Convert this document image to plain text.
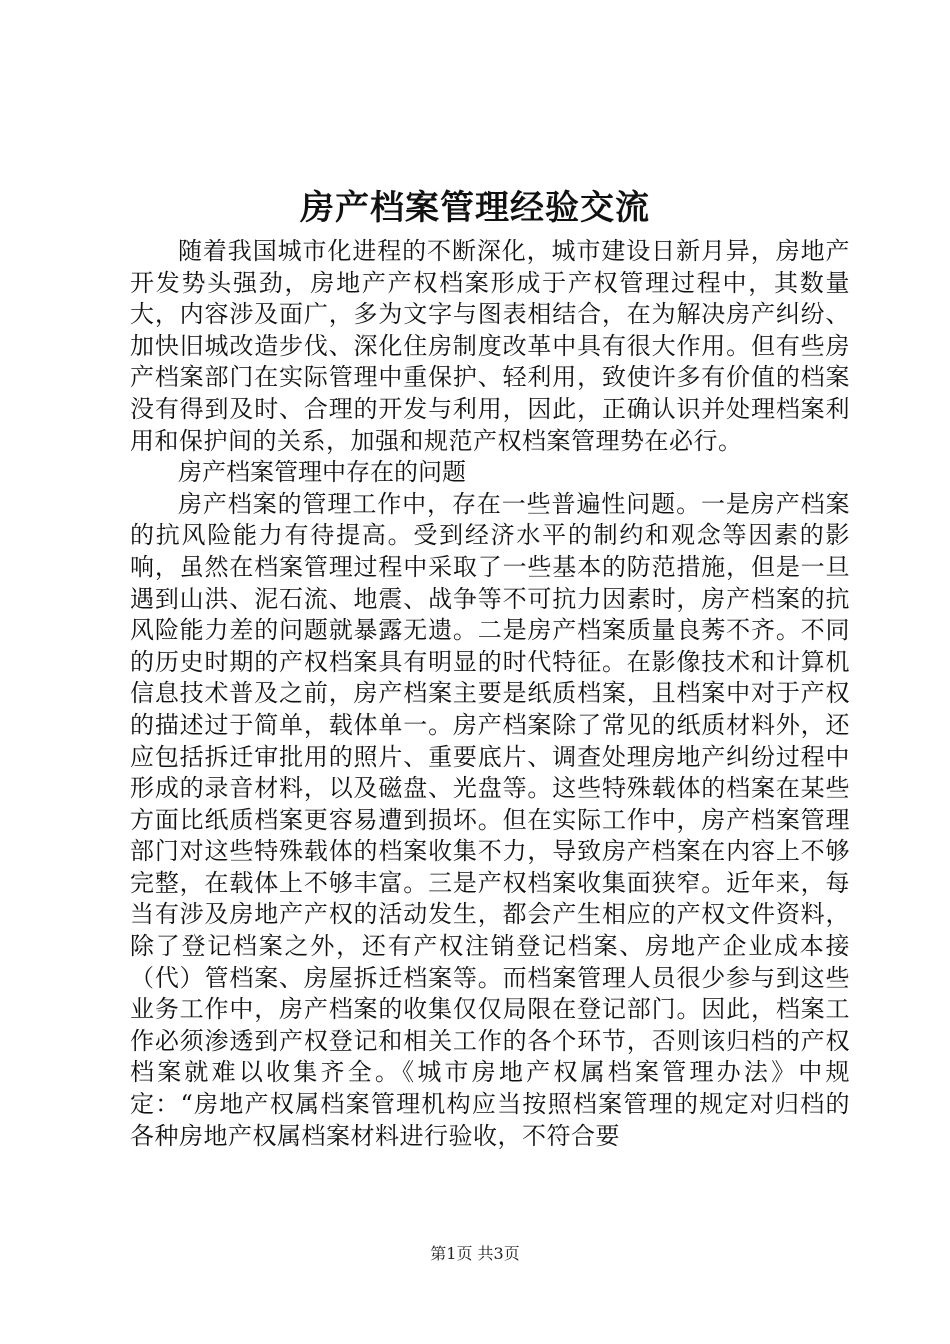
房产档案管理经验交流

随着我国城市化进程的不断深化，城市建设日新月异，房地产开发势头强劲，房地产产权档案形成于产权管理过程中，其数量大，内容涉及面广，多为文字与图表相结合，在为解决房产纠纷、加快旧城改造步伐、深化住房制度改革中具有很大作用。但有些房产档案部门在实际管理中重保护、轻利用，致使许多有价值的档案没有得到及时、合理的开发与利用，因此，正确认识并处理档案利用和保护间的关系，加强和规范产权档案管理势在必行。

房产档案管理中存在的问题

房产档案的管理工作中，存在一些普遍性问题。一是房产档案的抗风险能力有待提高。受到经济水平的制约和观念等因素的影响，虽然在档案管理过程中采取了一些基本的防范措施，但是一旦遇到山洪、泥石流、地震、战争等不可抗力因素时，房产档案的抗风险能力差的问题就暴露无遗。二是房产档案质量良莠不齐。不同的历史时期的产权档案具有明显的时代特征。在影像技术和计算机信息技术普及之前，房产档案主要是纸质档案，且档案中对于产权的描述过于简单，载体单一。房产档案除了常见的纸质材料外，还应包括拆迁审批用的照片、重要底片、调查处理房地产纠纷过程中形成的录音材料，以及磁盘、光盘等。这些特殊载体的档案在某些方面比纸质档案更容易遭到损坏。但在实际工作中，房产档案管理部门对这些特殊载体的档案收集不力，导致房产档案在内容上不够完整，在载体上不够丰富。三是产权档案收集面狭窄。近年来，每当有涉及房地产产权的活动发生，都会产生相应的产权文件资料，除了登记档案之外，还有产权注销登记档案、房地产企业成本接（代）管档案、房屋拆迁档案等。而档案管理人员很少参与到这些业务工作中，房产档案的收集仅仅局限在登记部门。因此，档案工作必须渗透到产权登记和相关工作的各个环节，否则该归档的产权档案就难以收集齐全。《城市房地产权属档案管理办法》中规定：“房地产权属档案管理机构应当按照档案管理的规定对归档的各种房地产权属档案材料进行验收，不符合要

第1页 共3页
